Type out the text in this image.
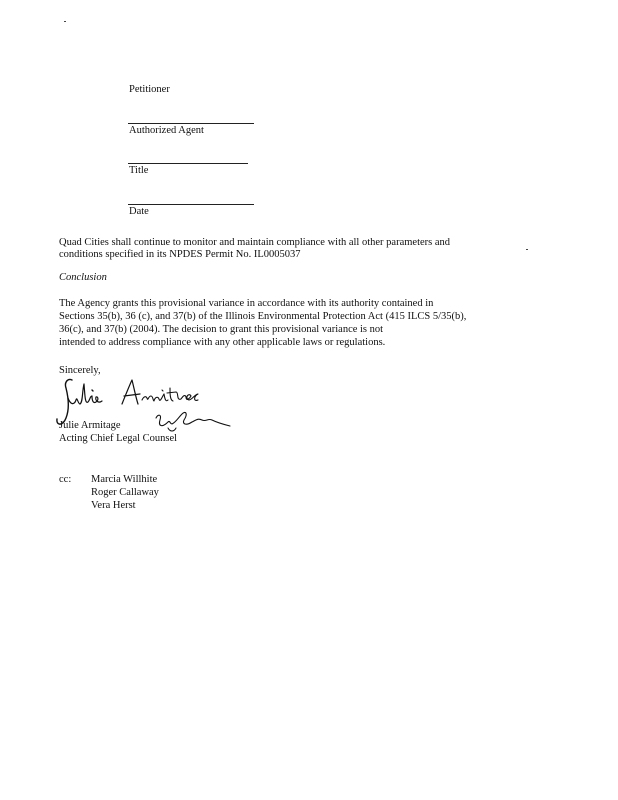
Petitioner
Authorized Agent
Title
Date
Quad Cities shall continue to monitor and maintain compliance with all other parameters and
conditions specified in its NPDES Permit No. IL0005037
Conclusion
The Agency grants this provisional variance in accordance with its authority contained in
Sections 35(b), 36 (c), and 37(b) of the Illinois Environmental Protection Act (415 ILCS 5/35(b),
36(c), and 37(b) (2004). The decision to grant this provisional variance is not
intended to address compliance with any other applicable laws or regulations.
Sincerely,
Julie Armitage
Acting Chief Legal Counsel
cc: Marcia Willhite
Roger Callaway
Vera Herst
